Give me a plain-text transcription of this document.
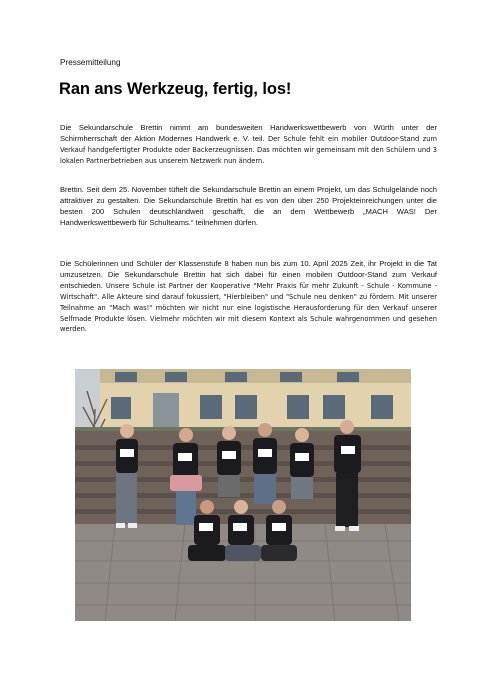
Pressemitteilung
Ran ans Werkzeug, fertig, los!

Die Sekundarschule Brettin nimmt am bundesweiten Handwerkswettbewerb von Würth unter der Schirmherrschaft der Aktion Modernes Handwerk e. V. teil. Der Schule fehlt ein mobiler Outdoor-Stand zum Verkauf handgefertigter Produkte oder Backerzeugnissen. Das möchten wir gemeinsam mit den Schülern und 3 lokalen Partnerbetrieben aus unserem Netzwerk nun ändern.

Brettin. Seit dem 25. November tüftelt die Sekundarschule Brettin an einem Projekt, um das Schulgelände noch attraktiver zu gestalten. Die Sekundarschule Brettin hat es von den über 250 Projekteinreichungen unter die besten 200 Schulen deutschlandweit geschafft, die an dem Wettbewerb „MACH WAS! Der Handwerkswettbewerb für Schulteams.“ teilnehmen dürfen.

Die Schülerinnen und Schüler der Klassenstufe 8 haben nun bis zum 10. April 2025 Zeit, ihr Projekt in die Tat umzusetzen. Die Sekundarschule Brettin hat sich dabei für einen mobilen Outdoor-Stand zum Verkauf entschieden. Unsere Schule ist Partner der Kooperative "Mehr Praxis für mehr Zukunft - Schule - Kommune - Wirtschaft". Alle Akteure sind darauf fokussiert, "Hierbleiben" und "Schule neu denken" zu fördern. Mit unserer Teilnahme an "Mach was!" möchten wir nicht nur eine logistische Herausforderung für den Verkauf unserer Selfmade Produkte lösen. Vielmehr möchten wir mit diesem Kontext als Schule wahrgenommen und gesehen werden.
